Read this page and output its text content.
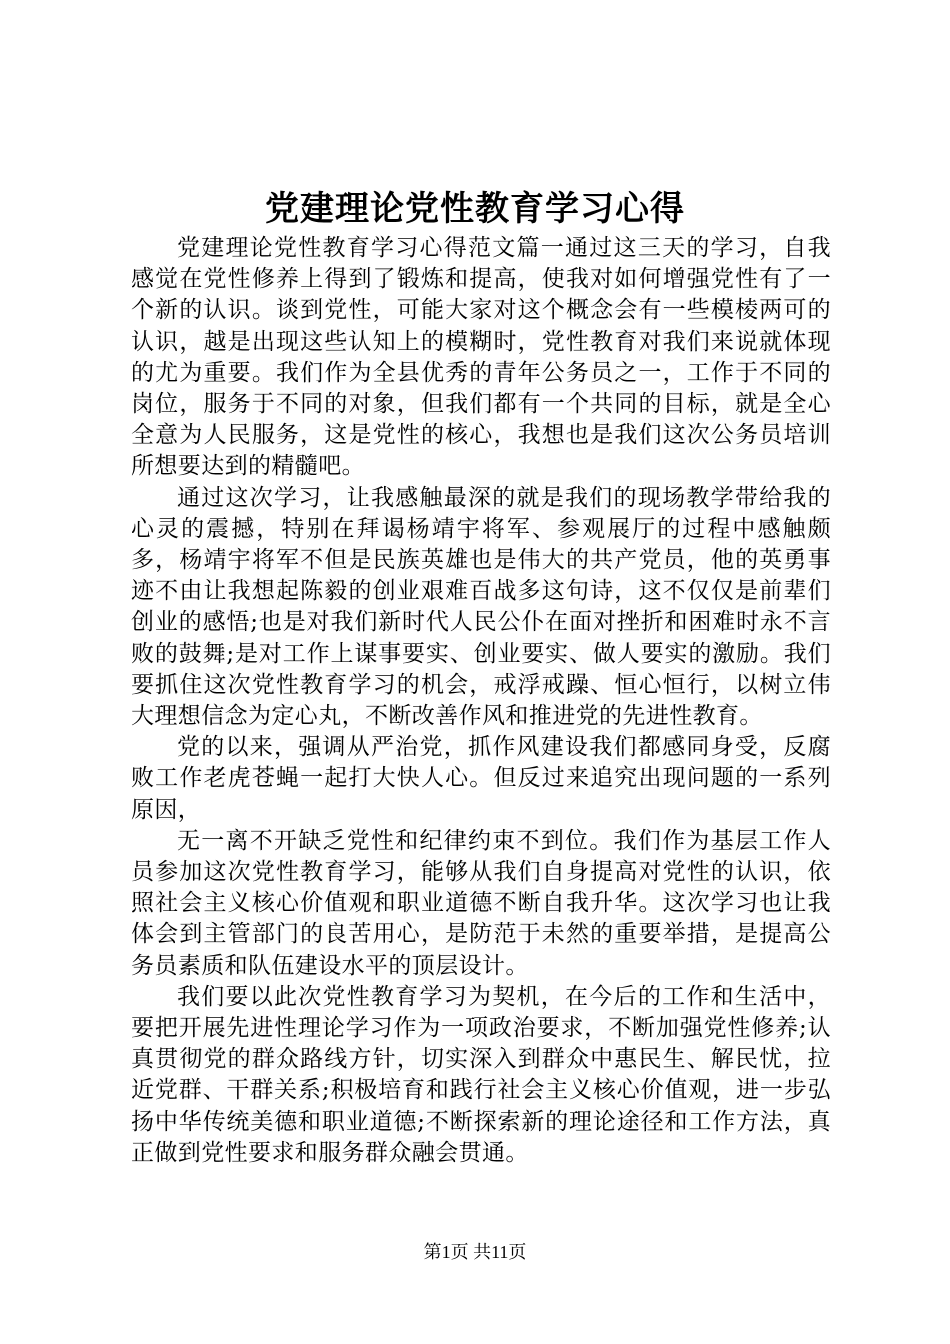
党建理论党性教育学习心得

党建理论党性教育学习心得范文篇一通过这三天的学习，自我感觉在党性修养上得到了锻炼和提高，使我对如何增强党性有了一个新的认识。谈到党性，可能大家对这个概念会有一些模棱两可的认识，越是出现这些认知上的模糊时，党性教育对我们来说就体现的尤为重要。我们作为全县优秀的青年公务员之一，工作于不同的岗位，服务于不同的对象，但我们都有一个共同的目标，就是全心全意为人民服务，这是党性的核心，我想也是我们这次公务员培训所想要达到的精髓吧。

通过这次学习，让我感触最深的就是我们的现场教学带给我的心灵的震撼，特别在拜谒杨靖宇将军、参观展厅的过程中感触颇多，杨靖宇将军不但是民族英雄也是伟大的共产党员，他的英勇事迹不由让我想起陈毅的创业艰难百战多这句诗，这不仅仅是前辈们创业的感悟;也是对我们新时代人民公仆在面对挫折和困难时永不言败的鼓舞;是对工作上谋事要实、创业要实、做人要实的激励。我们要抓住这次党性教育学习的机会，戒浮戒躁、恒心恒行，以树立伟大理想信念为定心丸，不断改善作风和推进党的先进性教育。

党的以来，强调从严治党，抓作风建设我们都感同身受，反腐败工作老虎苍蝇一起打大快人心。但反过来追究出现问题的一系列原因，

无一离不开缺乏党性和纪律约束不到位。我们作为基层工作人员参加这次党性教育学习，能够从我们自身提高对党性的认识，依照社会主义核心价值观和职业道德不断自我升华。这次学习也让我体会到主管部门的良苦用心，是防范于未然的重要举措，是提高公务员素质和队伍建设水平的顶层设计。

我们要以此次党性教育学习为契机，在今后的工作和生活中，要把开展先进性理论学习作为一项政治要求，不断加强党性修养;认真贯彻党的群众路线方针，切实深入到群众中惠民生、解民忧，拉近党群、干群关系;积极培育和践行社会主义核心价值观，进一步弘扬中华传统美德和职业道德;不断探索新的理论途径和工作方法，真正做到党性要求和服务群众融会贯通。

第1页 共11页
